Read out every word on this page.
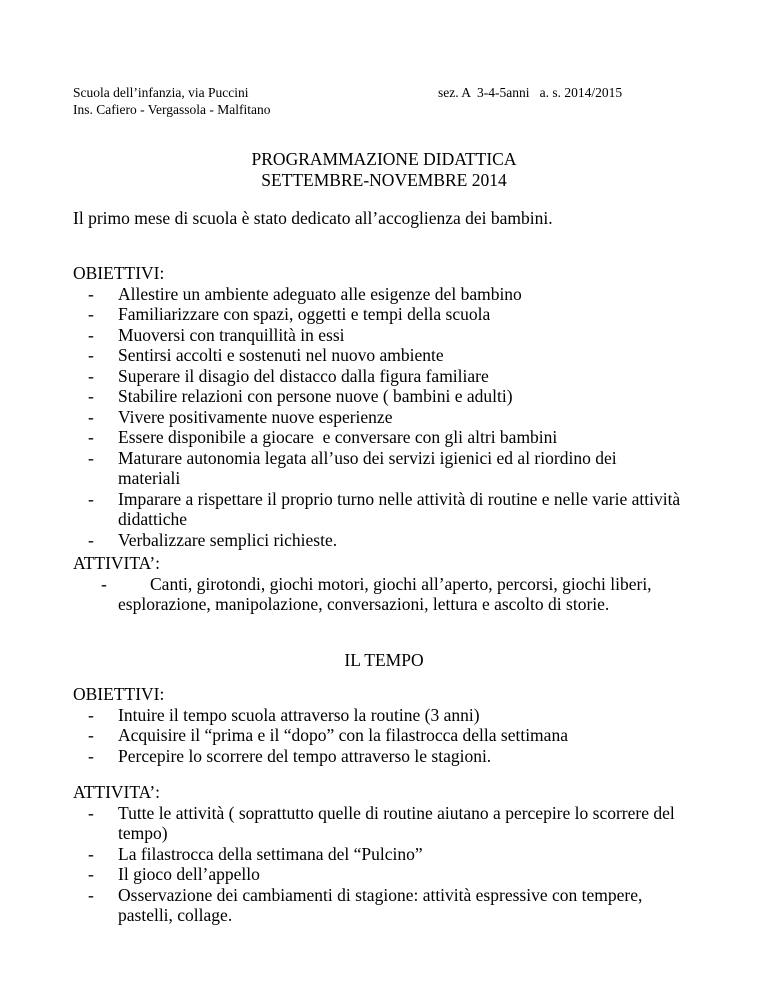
Scuola dell’infanzia, via Puccini
Ins. Cafiero - Vergassola - Malfitano
sez. A  3-4-5anni   a. s. 2014/2015
PROGRAMMAZIONE DIDATTICA
SETTEMBRE-NOVEMBRE 2014
Il primo mese di scuola è stato dedicato all’accoglienza dei bambini.
OBIETTIVI:
- Allestire un ambiente adeguato alle esigenze del bambino
- Familiarizzare con spazi, oggetti e tempi della scuola
- Muoversi con tranquillità in essi
- Sentirsi accolti e sostenuti nel nuovo ambiente
- Superare il disagio del distacco dalla figura familiare
- Stabilire relazioni con persone nuove ( bambini e adulti)
- Vivere positivamente nuove esperienze
- Essere disponibile a giocare  e conversare con gli altri bambini
- Maturare autonomia legata all’uso dei servizi igienici ed al riordino dei materiali
- Imparare a rispettare il proprio turno nelle attività di routine e nelle varie attività didattiche
- Verbalizzare semplici richieste.
ATTIVITA’:
- Canti, girotondi, giochi motori, giochi all’aperto, percorsi, giochi liberi, esplorazione, manipolazione, conversazioni, lettura e ascolto di storie.
IL TEMPO
OBIETTIVI:
- Intuire il tempo scuola attraverso la routine (3 anni)
- Acquisire il “prima e il “dopo” con la filastrocca della settimana
- Percepire lo scorrere del tempo attraverso le stagioni.
ATTIVITA’:
- Tutte le attività ( soprattutto quelle di routine aiutano a percepire lo scorrere del tempo)
- La filastrocca della settimana del “Pulcino”
- Il gioco dell’appello
- Osservazione dei cambiamenti di stagione: attività espressive con tempere, pastelli, collage.
